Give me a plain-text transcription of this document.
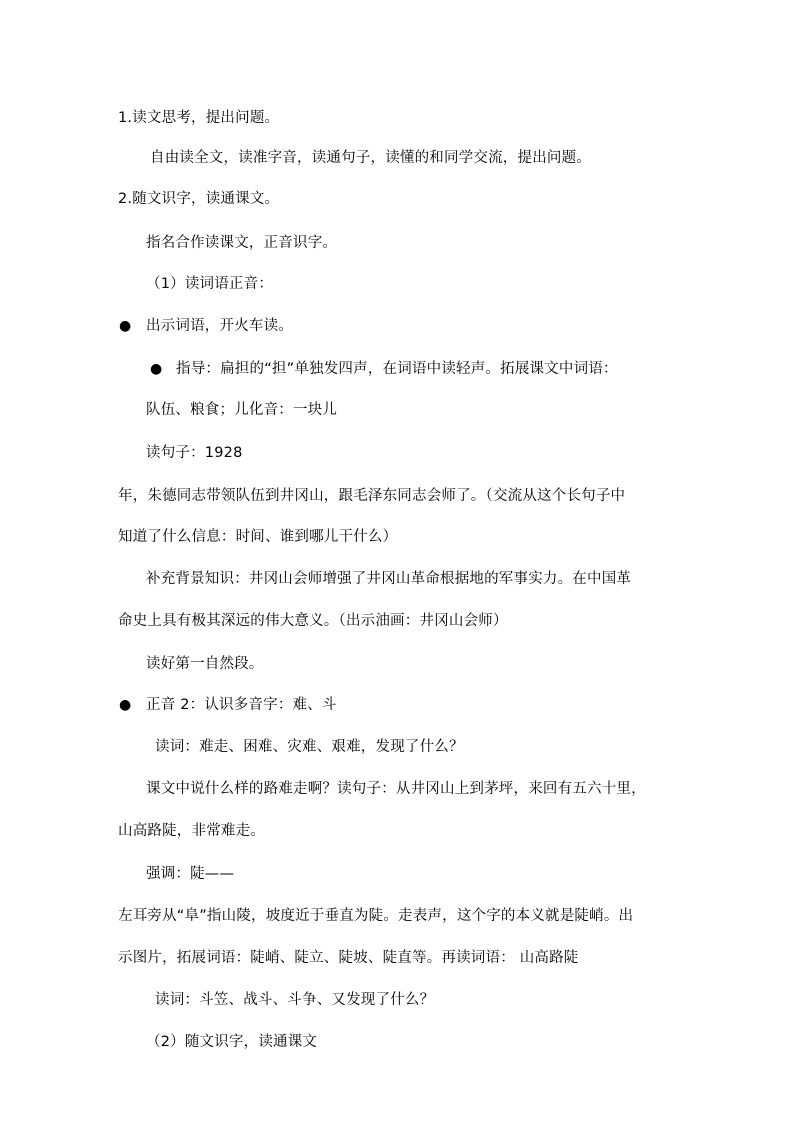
1.读文思考，提出问题。
自由读全文，读准字音，读通句子，读懂的和同学交流，提出问题。
2.随文识字，读通课文。
指名合作读课文，正音识字。
（1）读词语正音：
● 出示词语，开火车读。
● 指导：扁担的“担”单独发四声，在词语中读轻声。拓展课文中词语：
队伍、粮食；儿化音：一块儿
读句子：1928
年，朱德同志带领队伍到井冈山，跟毛泽东同志会师了。（交流从这个长句子中
知道了什么信息：时间、谁到哪儿干什么）
补充背景知识：井冈山会师增强了井冈山革命根据地的军事实力。在中国革
命史上具有极其深远的伟大意义。（出示油画：井冈山会师）
读好第一自然段。
● 正音 2：认识多音字：难、斗
读词：难走、困难、灾难、艰难，发现了什么？
课文中说什么样的路难走啊？读句子：从井冈山上到茅坪，来回有五六十里，
山高路陡，非常难走。
强调：陡——
左耳旁从“阜”指山陵，坡度近于垂直为陡。走表声，这个字的本义就是陡峭。出
示图片，拓展词语：陡峭、陡立、陡坡、陡直等。再读词语： 山高路陡
读词：斗笠、战斗、斗争、又发现了什么？
（2）随文识字，读通课文
